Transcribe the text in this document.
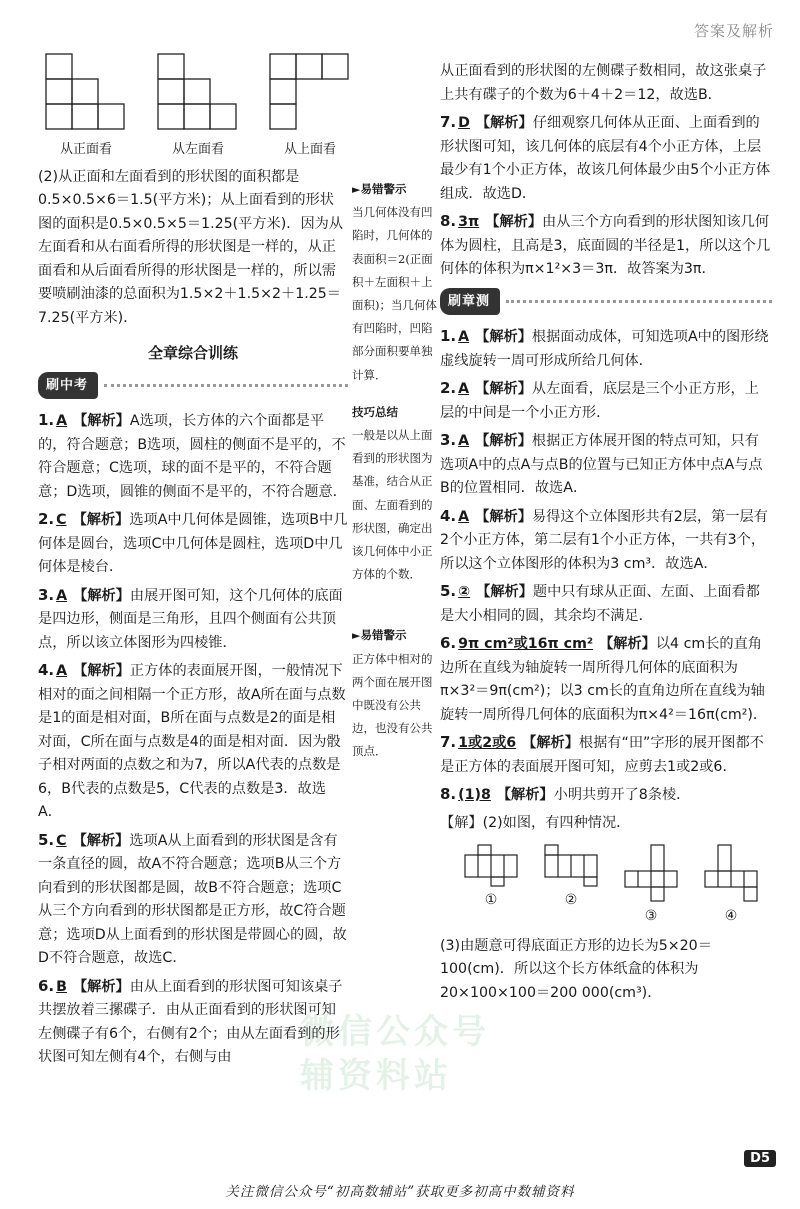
答案及解析
微信公众号
辅资料站
从正面看	从左面看	从上面看

(2)从正面和左面看到的形状图的面积都是0.5×0.5×6＝1.5(平方米)；从上面看到的形状图的面积是0.5×0.5×5＝1.25(平方米)．因为从左面看和从右面看所得的形状图是一样的，从正面看和从后面看所得的形状图是一样的，所以需要喷刷油漆的总面积为1.5×2＋1.5×2＋1.25＝7.25(平方米)．

全章综合训练
刷中考

1. A 【解析】A选项，长方体的六个面都是平的，符合题意；B选项，圆柱的侧面不是平的，不符合题意；C选项，球的面不是平的，不符合题意；D选项，圆锥的侧面不是平的，不符合题意．

2. C 【解析】选项A中几何体是圆锥，选项B中几何体是圆台，选项C中几何体是圆柱，选项D中几何体是棱台．

3. A 【解析】由展开图可知，这个几何体的底面是四边形，侧面是三角形，且四个侧面有公共顶点，所以该立体图形为四棱锥．

4. A 【解析】正方体的表面展开图，一般情况下相对的面之间相隔一个正方形，故A所在面与点数是1的面是相对面，B所在面与点数是2的面是相对面，C所在面与点数是4的面是相对面．因为骰子相对两面的点数之和为7，所以A代表的点数是6，B代表的点数是5，C代表的点数是3．故选A．

5. C 【解析】选项A从上面看到的形状图是含有一条直径的圆，故A不符合题意；选项B从三个方向看到的形状图都是圆，故B不符合题意；选项C从三个方向看到的形状图都是正方形，故C符合题意；选项D从上面看到的形状图是带圆心的圆，故D不符合题意，故选C．

6. B 【解析】由从上面看到的形状图可知该桌子共摆放着三摞碟子．由从正面看到的形状图可知左侧碟子有6个，右侧有2个；由从左面看到的形状图可知左侧有4个，右侧与由

►易错警示
当几何体没有凹陷时，几何体的表面积＝2(正面积＋左面积＋上面积)；当几何体有凹陷时，凹陷部分面积要单独计算．
技巧总结
一般是以从上面看到的形状图为基准，结合从正面、左面看到的形状图，确定出该几何体中小正方体的个数．
►易错警示
正方体中相对的两个面在展开图中既没有公共边，也没有公共顶点．

从正面看到的形状图的左侧碟子数相同，故这张桌子上共有碟子的个数为6＋4＋2＝12，故选B．

7. D 【解析】仔细观察几何体从正面、上面看到的形状图可知，该几何体的底层有4个小正方体，上层最少有1个小正方体，故该几何体最少由5个小正方体组成．故选D．

8. 3π 【解析】由从三个方向看到的形状图知该几何体为圆柱，且高是3，底面圆的半径是1，所以这个几何体的体积为π×1²×3＝3π．故答案为3π．

刷章测

1. A 【解析】根据面动成体，可知选项A中的图形绕虚线旋转一周可形成所给几何体．

2. A 【解析】从左面看，底层是三个小正方形，上层的中间是一个小正方形．

3. A 【解析】根据正方体展开图的特点可知，只有选项A中的点A与点B的位置与已知正方体中点A与点B的位置相同．故选A．

4. A 【解析】易得这个立体图形共有2层，第一层有2个小正方体，第二层有1个小正方体，一共有3个，所以这个立体图形的体积为3 cm³．故选A．

5. ② 【解析】题中只有球从正面、左面、上面看都是大小相同的圆，其余均不满足．

6. 9π cm²或16π cm² 【解析】以4 cm长的直角边所在直线为轴旋转一周所得几何体的底面积为π×3²＝9π(cm²)；以3 cm长的直角边所在直线为轴旋转一周所得几何体的底面积为π×4²＝16π(cm²)．

7. 1或2或6 【解析】根据有“田”字形的展开图都不是正方体的表面展开图可知，应剪去1或2或6．

8. (1)8 【解析】小明共剪开了8条棱．

【解】(2)如图，有四种情况．

①	②
③	④

(3)由题意可得底面正方形的边长为5×20＝100(cm)．所以这个长方体纸盒的体积为20×100×100＝200 000(cm³)．

D5
关注微信公众号“初高数辅站”获取更多初高中数辅资料
